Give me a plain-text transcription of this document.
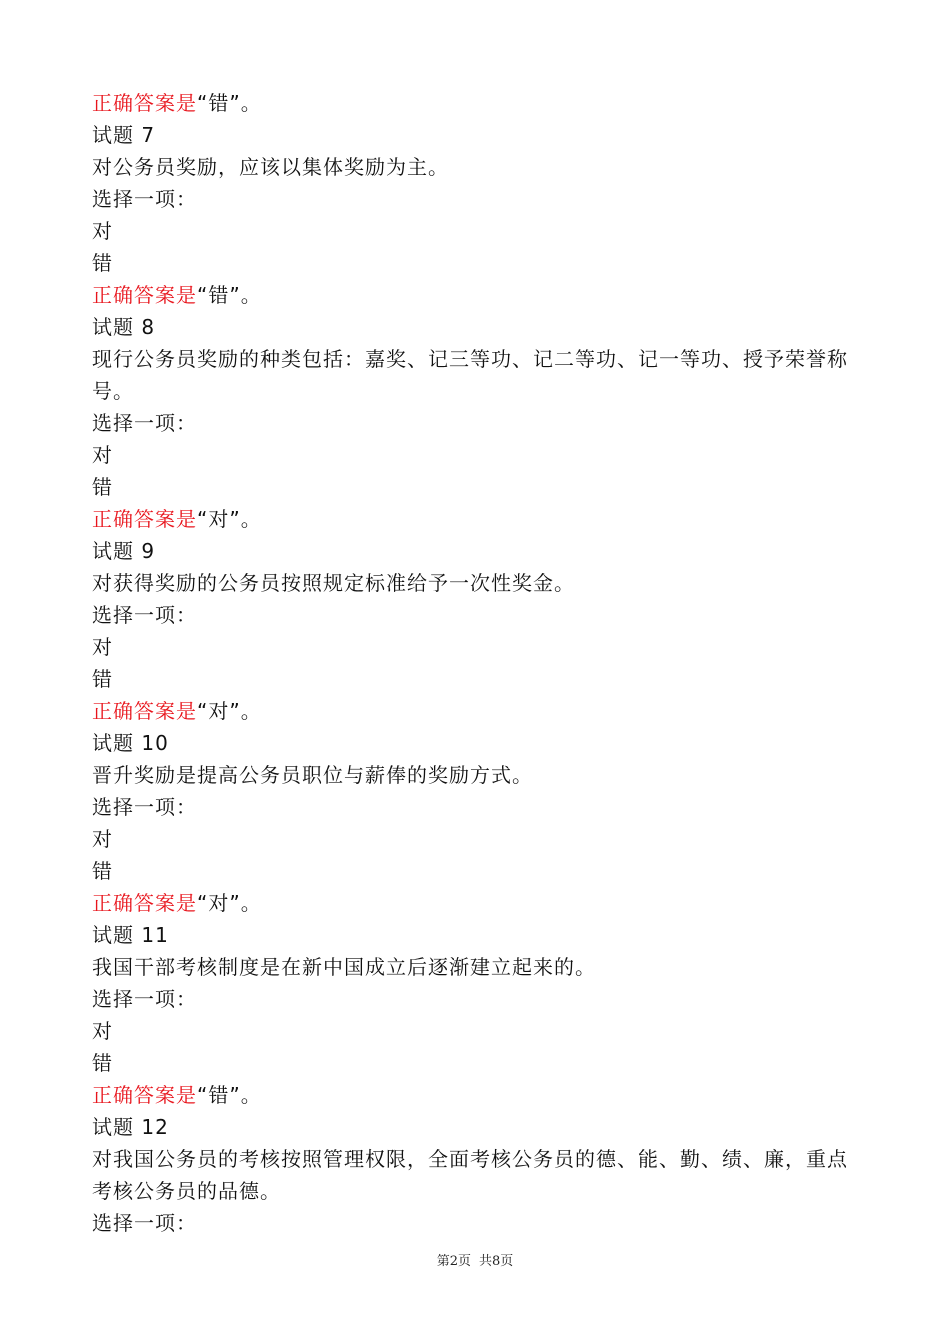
正确答案是“错”。
试题 7
对公务员奖励，应该以集体奖励为主。
选择一项：
对
错
正确答案是“错”。
试题 8
现行公务员奖励的种类包括：嘉奖、记三等功、记二等功、记一等功、授予荣誉称号。
选择一项：
对
错
正确答案是“对”。
试题 9
对获得奖励的公务员按照规定标准给予一次性奖金。
选择一项：
对
错
正确答案是“对”。
试题 10
晋升奖励是提高公务员职位与薪俸的奖励方式。
选择一项：
对
错
正确答案是“对”。
试题 11
我国干部考核制度是在新中国成立后逐渐建立起来的。
选择一项：
对
错
正确答案是“错”。
试题 12
对我国公务员的考核按照管理权限，全面考核公务员的德、能、勤、绩、廉，重点考核公务员的品德。
选择一项：
第2页 共8页
